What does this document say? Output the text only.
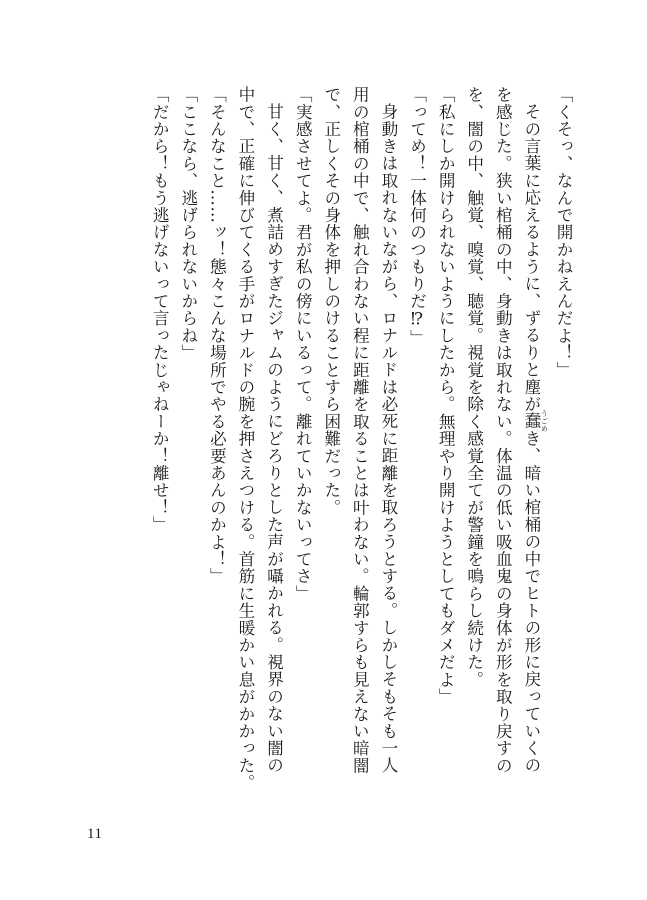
「くそっ、なんで開かねえんだよ！」
その言葉に応えるように、ずるりと塵が蠢 うごめき、暗い棺桶の中でヒトの形に戻っていくの
を感じた。狭い棺桶の中、身動きは取れない。体温の低い吸血鬼の身体が形を取り戻すの
を、闇の中、触覚、嗅覚、聴覚。視覚を除く感覚全てが警鐘を鳴らし続けた。
「私にしか開けられないようにしたから。無理やり開けようとしてもダメだよ」
「ってめ！一体何のつもりだ⁉」
身動きは取れないながら、ロナルドは必死に距離を取ろうとする。しかしそもそも一人
用の棺桶の中で、触れ合わない程に距離を取ることは叶わない。輪郭すらも見えない暗闇
で、正しくその身体を押しのけることすら困難だった。
「実感させてよ。君が私の傍にいるって。離れていかないってさ」
甘く、甘く、煮詰めすぎたジャムのようにどろりとした声が囁かれる。視界のない闇の
中で、正確に伸びてくる手がロナルドの腕を押さえつける。首筋に生暖かい息がかかった。
「そんなこと……ッ！態々こんな場所でやる必要あんのかよ！」
「ここなら、逃げられないからね」
「だから！もう逃げないって言ったじゃねーか！離せ！」
11
